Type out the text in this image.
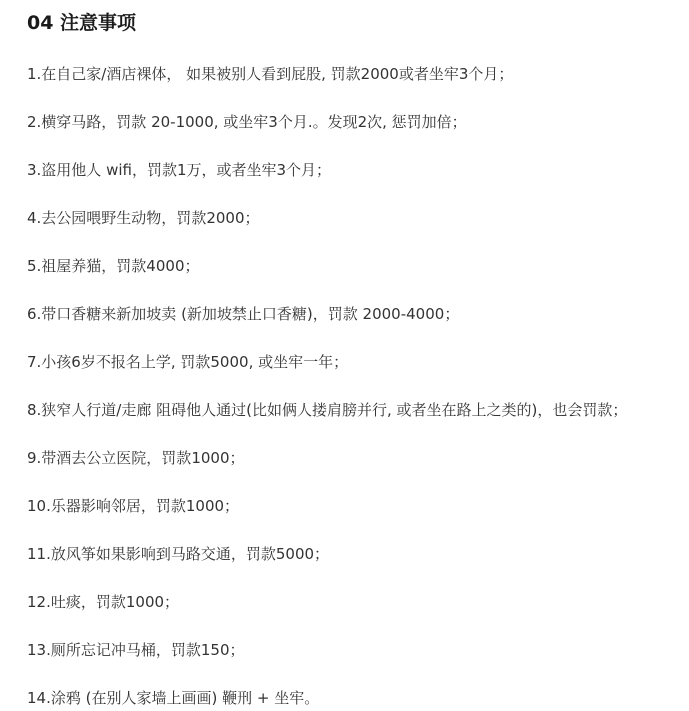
04 注意事项
1.在自己家/酒店裸体， 如果被别人看到屁股, 罚款2000或者坐牢3个月；
2.横穿马路，罚款 20-1000, 或坐牢3个月.。发现2次, 惩罚加倍；
3.盗用他人 wifi，罚款1万，或者坐牢3个月；
4.去公园喂野生动物，罚款2000；
5.祖屋养猫，罚款4000；
6.带口香糖来新加坡卖 (新加坡禁止口香糖)，罚款 2000-4000；
7.小孩6岁不报名上学, 罚款5000, 或坐牢一年；
8.狭窄人行道/走廊 阻碍他人通过(比如俩人搂肩膀并行, 或者坐在路上之类的)，也会罚款；
9.带酒去公立医院，罚款1000；
10.乐器影响邻居，罚款1000；
11.放风筝如果影响到马路交通，罚款5000；
12.吐痰，罚款1000；
13.厕所忘记冲马桶，罚款150；
14.涂鸦 (在别人家墙上画画) 鞭刑 + 坐牢。
